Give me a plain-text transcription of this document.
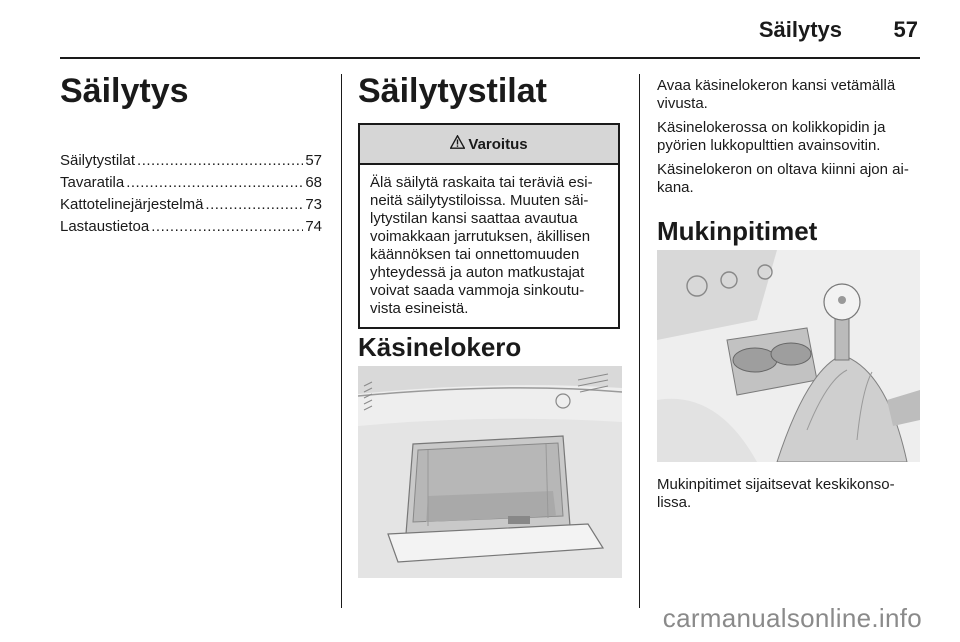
Säilytys 57
Säilytys
Säilytystilat .....	57
Tavaratila .....	68
Kattotelinejärjestelmä .....	73
Lastaustietoa .....	74
Säilytystilat
Varoitus
Älä säilytä raskaita tai teräviä esi-
neitä säilytystiloissa. Muuten säi-
lytystilan kansi saattaa avautua
voimakkaan jarrutuksen, äkillisen
käännöksen tai onnettomuuden
yhteydessä ja auton matkustajat
voivat saada vammoja sinkoutu-
vista esineistä.
Käsinelokero

Avaa käsinelokeron kansi vetämällä
vivusta.

Käsinelokerossa on kolikkopidin ja
pyörien lukkopulttien avainsovitin.

Käsinelokeron on oltava kiinni ajon ai-
kana.

Mukinpitimet
Mukinpitimet sijaitsevat keskikonso-
lissa.
carmanualsonline.info
